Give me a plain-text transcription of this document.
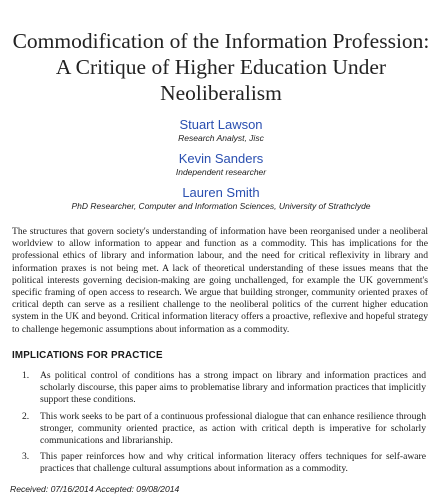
Commodification of the Information Profession:
A Critique of Higher Education Under
Neoliberalism
Stuart Lawson
Research Analyst, Jisc
Kevin Sanders
Independent researcher
Lauren Smith
PhD Researcher, Computer and Information Sciences, University of Strathclyde

The structures that govern society's understanding of information have been reorganised under a neoliberal worldview to allow information to appear and function as a commodity. This has implications for the professional ethics of library and information labour, and the need for critical reflexivity in library and information praxes is not being met. A lack of theoretical understanding of these issues means that the political interests governing decision-making are going unchallenged, for example the UK government's specific framing of open access to research. We argue that building stronger, community oriented praxes of critical depth can serve as a resilient challenge to the neoliberal politics of the current higher education system in the UK and beyond. Critical information literacy offers a proactive, reflexive and hopeful strategy to challenge hegemonic assumptions about information as a commodity.

IMPLICATIONS FOR PRACTICE
1. As political control of conditions has a strong impact on library and information practices and scholarly discourse, this paper aims to problematise library and information practices that implicitly support these conditions.
2. This work seeks to be part of a continuous professional dialogue that can enhance resilience through stronger, community oriented practice, as action with critical depth is imperative for scholarly communications and librarianship.
3. This paper reinforces how and why critical information literacy offers techniques for self-aware practices that challenge cultural assumptions about information as a commodity.
Received: 07/16/2014 Accepted: 09/08/2014
